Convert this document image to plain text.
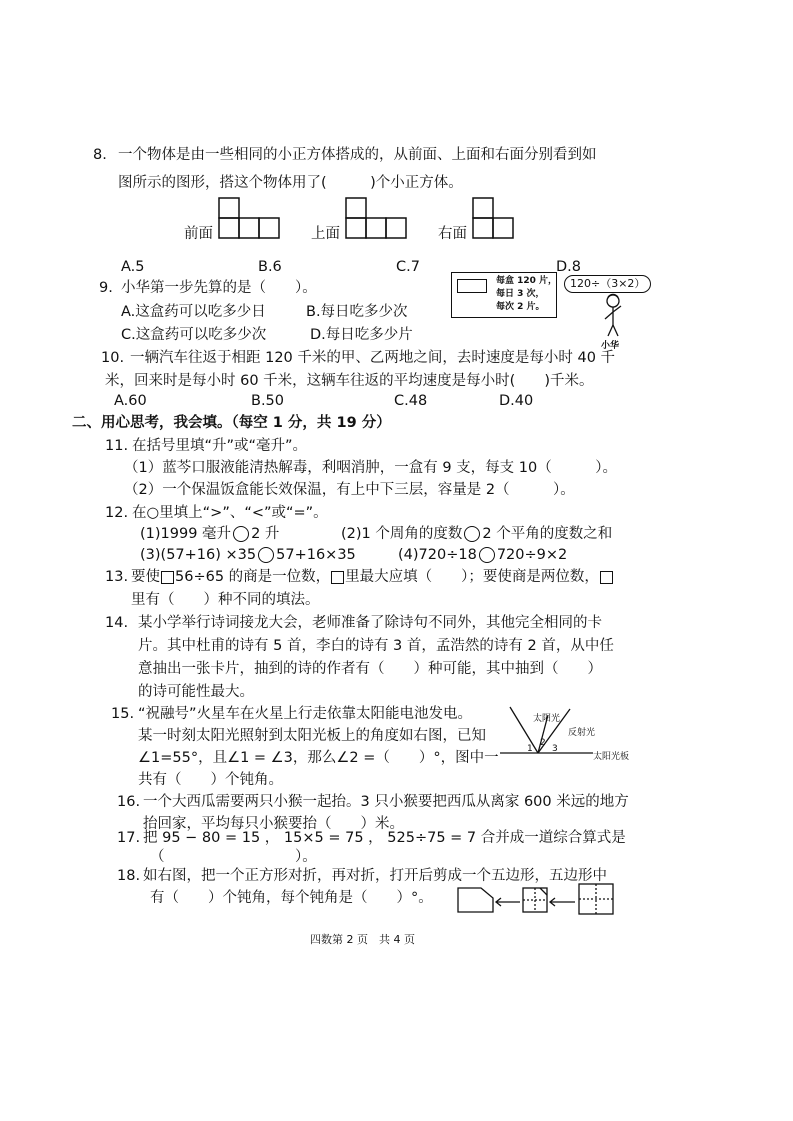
8. 一个物体是由一些相同的小正方体搭成的，从前面、上面和右面分别看到如
图所示的图形，搭这个物体用了(　　　)个小正方体。
前面	上面	右面
A.5	B.6	C.7	D.8
9. 小华第一步先算的是（　　）。
A.这盒药可以吃多少日	B.每日吃多少次
C.这盒药可以吃多少次	D.每日吃多少片
每盒 120 片，
每日 3 次，
每次 2 片。
120÷（3×2）
小华
10. 一辆汽车往返于相距 120 千米的甲、乙两地之间，去时速度是每小时 40 千
米，回来时是每小时 60 千米，这辆车往返的平均速度是每小时(　　)千米。
A.60	B.50	C.48	D.40
二、用心思考，我会填。（每空 1 分，共 19 分）
11. 在括号里填“升”或“毫升”。
（1）蓝芩口服液能清热解毒，利咽消肿，一盒有 9 支，每支 10（　　　）。
（2）一个保温饭盒能长效保温，有上中下三层，容量是 2（　　　）。
12. 在○里填上“>”、“<”或“=”。
(1)1999 毫升 2 升	(2)1 个周角的度数 2 个平角的度数之和
(3)(57+16) ×35 57+16×35	(4)720÷18 720÷9×2
13. 要使 56÷65 的商是一位数， 里最大应填（　　）；要使商是两位数，
里有（　　）种不同的填法。
14. 某小学举行诗词接龙大会，老师准备了除诗句不同外，其他完全相同的卡
片。其中杜甫的诗有 5 首，李白的诗有 3 首，孟浩然的诗有 2 首，从中任
意抽出一张卡片，抽到的诗的作者有（　　）种可能，其中抽到（　　）
的诗可能性最大。
15. “祝融号”火星车在火星上行走依靠太阳能电池发电。
某一时刻太阳光照射到太阳光板上的角度如右图，已知
∠1=55°，且∠1 = ∠3，那么∠2 =（　　）°，图中一
共有（　　）个钝角。
太阳光
反射光
太阳光板
1
2
3
16. 一个大西瓜需要两只小猴一起抬。3 只小猴要把西瓜从离家 600 米远的地方
抬回家，平均每只小猴要抬（　　）米。
17. 把 95 − 80 = 15 ， 15×5 = 75 ， 525÷75 = 7 合并成一道综合算式是
（　　　　　　　　　）。
18. 如右图，把一个正方形对折，再对折，打开后剪成一个五边形，五边形中
有（　　）个钝角，每个钝角是（　　）°。
四数第 2 页　共 4 页
